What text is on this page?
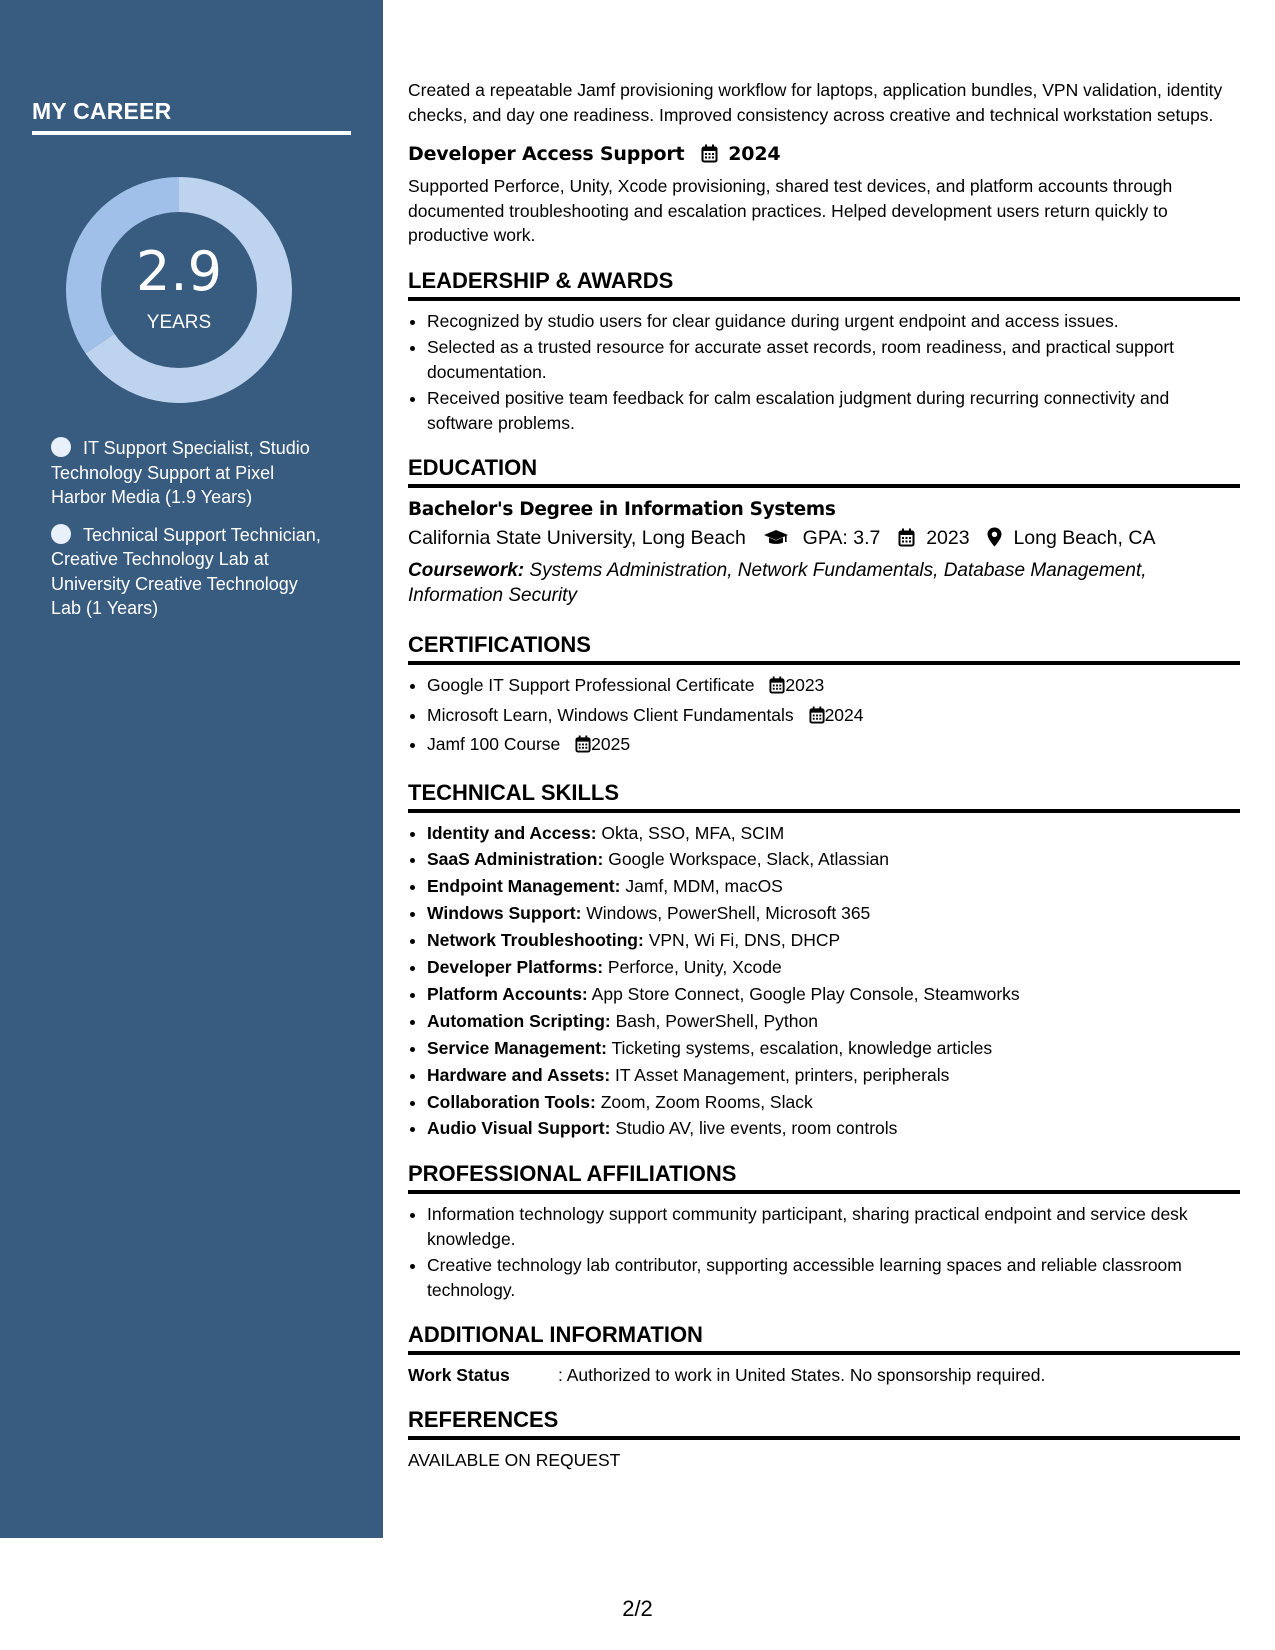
MY CAREER
2.9
YEARS
IT Support Specialist, Studio Technology Support at Pixel Harbor Media (1.9 Years)
Technical Support Technician, Creative Technology Lab at University Creative Technology Lab (1 Years)

Created a repeatable Jamf provisioning workflow for laptops, application bundles, VPN validation, identity checks, and day one readiness. Improved consistency across creative and technical workstation setups.

Developer Access Support 2024

Supported Perforce, Unity, Xcode provisioning, shared test devices, and platform accounts through documented troubleshooting and escalation practices. Helped development users return quickly to productive work.

LEADERSHIP & AWARDS
• Recognized by studio users for clear guidance during urgent endpoint and access issues.
• Selected as a trusted resource for accurate asset records, room readiness, and practical support documentation.
• Received positive team feedback for calm escalation judgment during recurring connectivity and software problems.
EDUCATION
Bachelor's Degree in Information Systems
California State University, Long Beach	GPA: 3.7 2023 Long Beach, CA
Coursework: Systems Administration, Network Fundamentals, Database Management, Information Security
CERTIFICATIONS
• Google IT Support Professional Certificate 2023
• Microsoft Learn, Windows Client Fundamentals 2024
• Jamf 100 Course 2025
TECHNICAL SKILLS
• Identity and Access: Okta, SSO, MFA, SCIM
• SaaS Administration: Google Workspace, Slack, Atlassian
• Endpoint Management: Jamf, MDM, macOS
• Windows Support: Windows, PowerShell, Microsoft 365
• Network Troubleshooting: VPN, Wi Fi, DNS, DHCP
• Developer Platforms: Perforce, Unity, Xcode
• Platform Accounts: App Store Connect, Google Play Console, Steamworks
• Automation Scripting: Bash, PowerShell, Python
• Service Management: Ticketing systems, escalation, knowledge articles
• Hardware and Assets: IT Asset Management, printers, peripherals
• Collaboration Tools: Zoom, Zoom Rooms, Slack
• Audio Visual Support: Studio AV, live events, room controls
PROFESSIONAL AFFILIATIONS
• Information technology support community participant, sharing practical endpoint and service desk knowledge.
• Creative technology lab contributor, supporting accessible learning spaces and reliable classroom technology.
ADDITIONAL INFORMATION
Work Status	: Authorized to work in United States. No sponsorship required.
REFERENCES

AVAILABLE ON REQUEST

2/2
